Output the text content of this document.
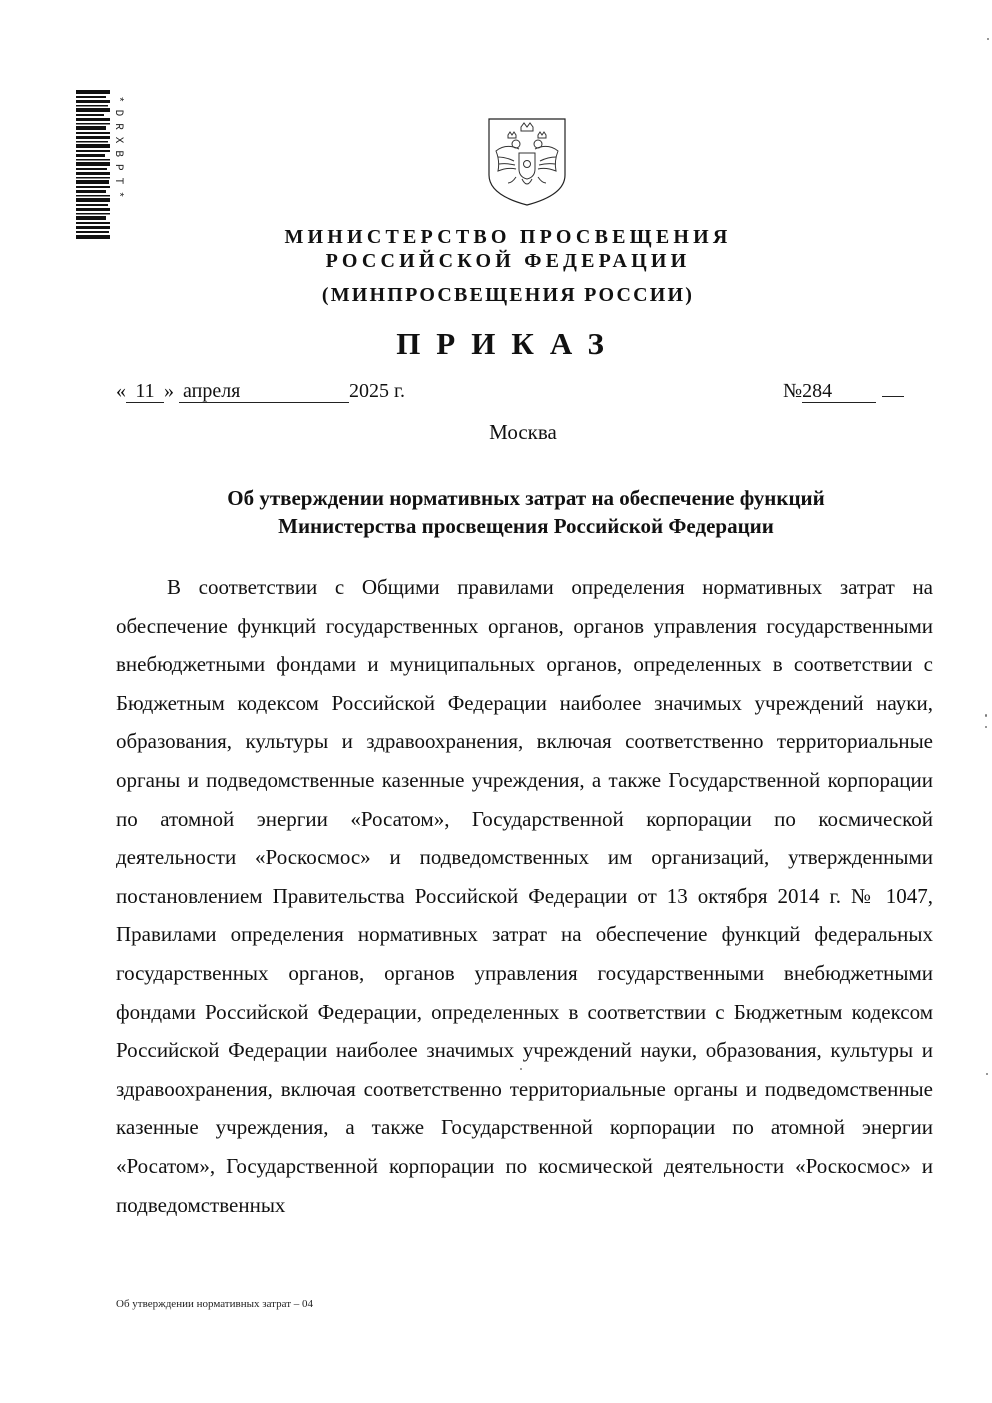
*DRXBPT*
МИНИСТЕРСТВО ПРОСВЕЩЕНИЯ
РОССИЙСКОЙ ФЕДЕРАЦИИ
(МИНПРОСВЕЩЕНИЯ РОССИИ)
ПРИКАЗ
« 11 » апреля	2025 г.	№284
Москва
Об утверждении нормативных затрат на обеспечение функций
Министерства просвещения Российской Федерации

В соответствии с Общими правилами определения нормативных затрат на обеспечение функций государственных органов, органов управления государственными внебюджетными фондами и муниципальных органов, определенных в соответствии с Бюджетным кодексом Российской Федерации наиболее значимых учреждений науки, образования, культуры и здравоохранения, включая соответственно территориальные органы и подведомственные казенные учреждения, а также Государственной корпорации по атомной энергии «Росатом», Государственной корпорации по космической деятельности «Роскосмос» и подведомственных им организаций, утвержденными постановлением Правительства Российской Федерации от 13 октября 2014 г. № 1047, Правилами определения нормативных затрат на обеспечение функций федеральных государственных органов, органов управления государственными внебюджетными фондами Российской Федерации, определенных в соответствии с Бюджетным кодексом Российской Федерации наиболее значимых учреждений науки, образования, культуры и здравоохранения, включая соответственно территориальные органы и подведомственные казенные учреждения, а также Государственной корпорации по атомной энергии «Росатом», Государственной корпорации по космической деятельности «Роскосмос» и подведомственных

Об утверждении нормативных затрат – 04
